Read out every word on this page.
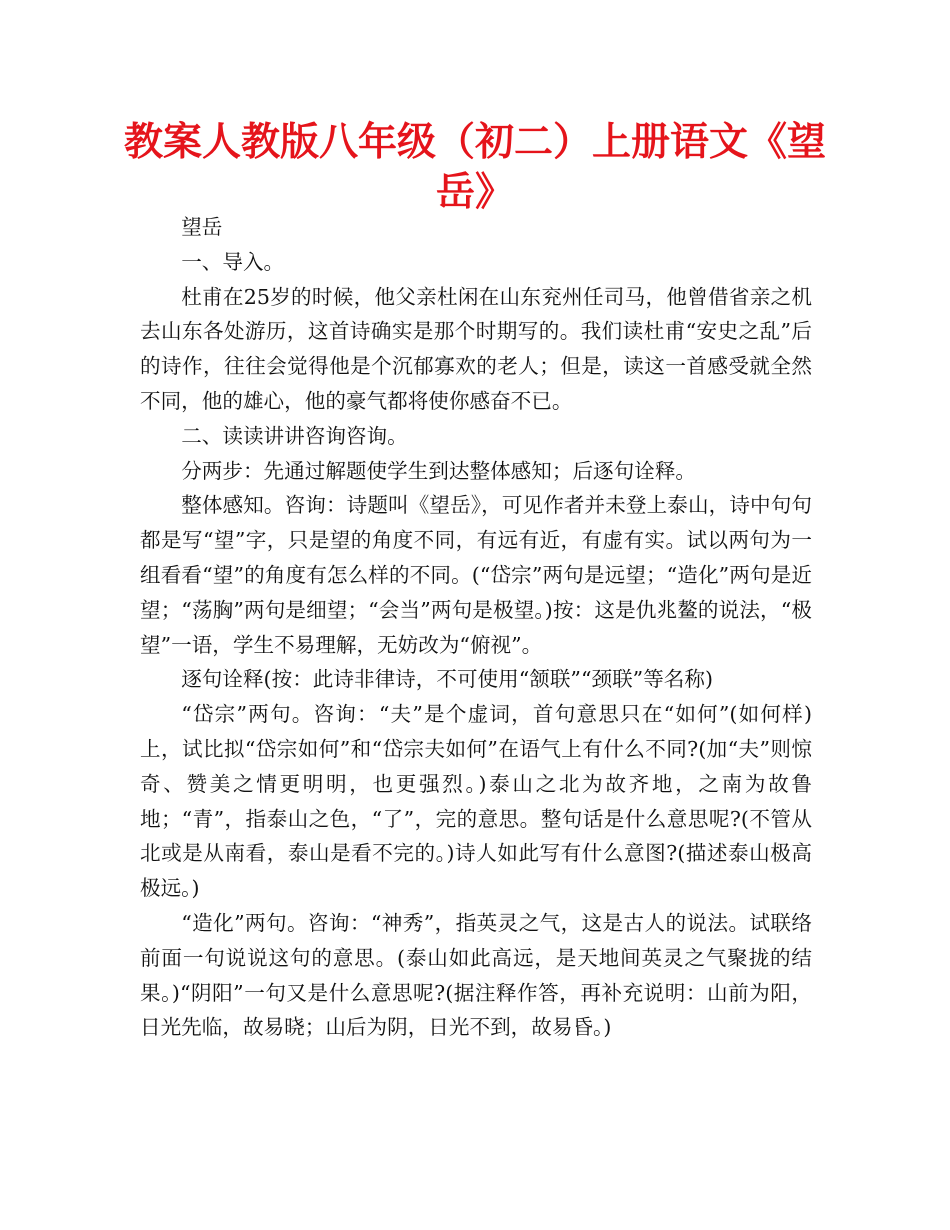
教案人教版八年级（初二）上册语文《望岳》

望岳

一、导入。

杜甫在25岁的时候，他父亲杜闲在山东兖州任司马，他曾借省亲之机去山东各处游历，这首诗确实是那个时期写的。我们读杜甫“安史之乱”后的诗作，往往会觉得他是个沉郁寡欢的老人；但是，读这一首感受就全然不同，他的雄心，他的豪气都将使你感奋不已。

二、读读讲讲咨询咨询。

分两步：先通过解题使学生到达整体感知；后逐句诠释。

整体感知。咨询：诗题叫《望岳》，可见作者并未登上泰山，诗中句句都是写“望”字，只是望的角度不同，有远有近，有虚有实。试以两句为一组看看“望”的角度有怎么样的不同。(“岱宗”两句是远望；“造化”两句是近望；“荡胸”两句是细望；“会当”两句是极望。)按：这是仇兆鳌的说法，“极望”一语，学生不易理解，无妨改为“俯视”。

逐句诠释(按：此诗非律诗，不可使用“颔联”“颈联”等名称)

“岱宗”两句。咨询：“夫”是个虚词，首句意思只在“如何”(如何样)上，试比拟“岱宗如何”和“岱宗夫如何”在语气上有什么不同?(加“夫”则惊奇、赞美之情更明明，也更强烈。)泰山之北为故齐地，之南为故鲁地；“青”，指泰山之色，“了”，完的意思。整句话是什么意思呢?(不管从北或是从南看，泰山是看不完的。)诗人如此写有什么意图?(描述泰山极高极远。)

“造化”两句。咨询：“神秀”，指英灵之气，这是古人的说法。试联络前面一句说说这句的意思。(泰山如此高远，是天地间英灵之气聚拢的结果。)“阴阳”一句又是什么意思呢?(据注释作答，再补充说明：山前为阳，日光先临，故易晓；山后为阴，日光不到，故易昏。)
